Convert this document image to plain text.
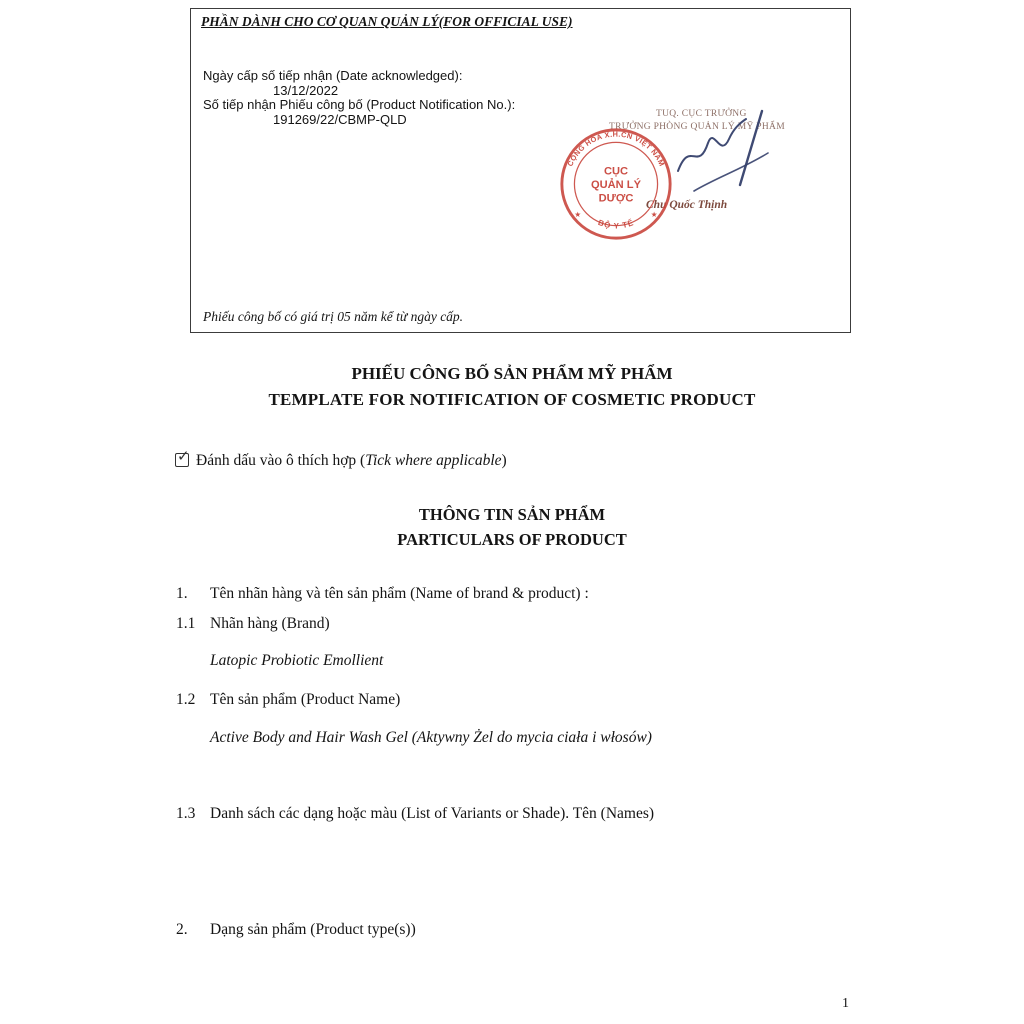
PHẦN DÀNH CHO CƠ QUAN QUẢN LÝ(FOR OFFICIAL USE)
Ngày cấp số tiếp nhận (Date acknowledged):
13/12/2022
Số tiếp nhận Phiếu công bố (Product Notification No.):
191269/22/CBMP-QLD	TUQ. CỤC TRƯỞNG
TRƯỞNG PHÒNG QUẢN LÝ MỸ PHẨM
Chu Quốc Thịnh
CỘNG HÒA X.H.CN VIỆT NAM
BỘ Y TẾ
★	★
CỤC
QUẢN LÝ
DƯỢC
Phiếu công bố có giá trị 05 năm kể từ ngày cấp.
PHIẾU CÔNG BỐ SẢN PHẨM MỸ PHẨM
TEMPLATE FOR NOTIFICATION OF COSMETIC PRODUCT
✓ Đánh dấu vào ô thích hợp (Tick where applicable)
THÔNG TIN SẢN PHẨM
PARTICULARS OF PRODUCT
1. Tên nhãn hàng và tên sản phẩm (Name of brand & product) :
1.1 Nhãn hàng (Brand)
Latopic Probiotic Emollient
1.2 Tên sản phẩm (Product Name)
Active Body and Hair Wash Gel (Aktywny Żel do mycia ciała i włosów)
1.3 Danh sách các dạng hoặc màu (List of Variants or Shade). Tên (Names)
2. Dạng sản phẩm (Product type(s))
1
